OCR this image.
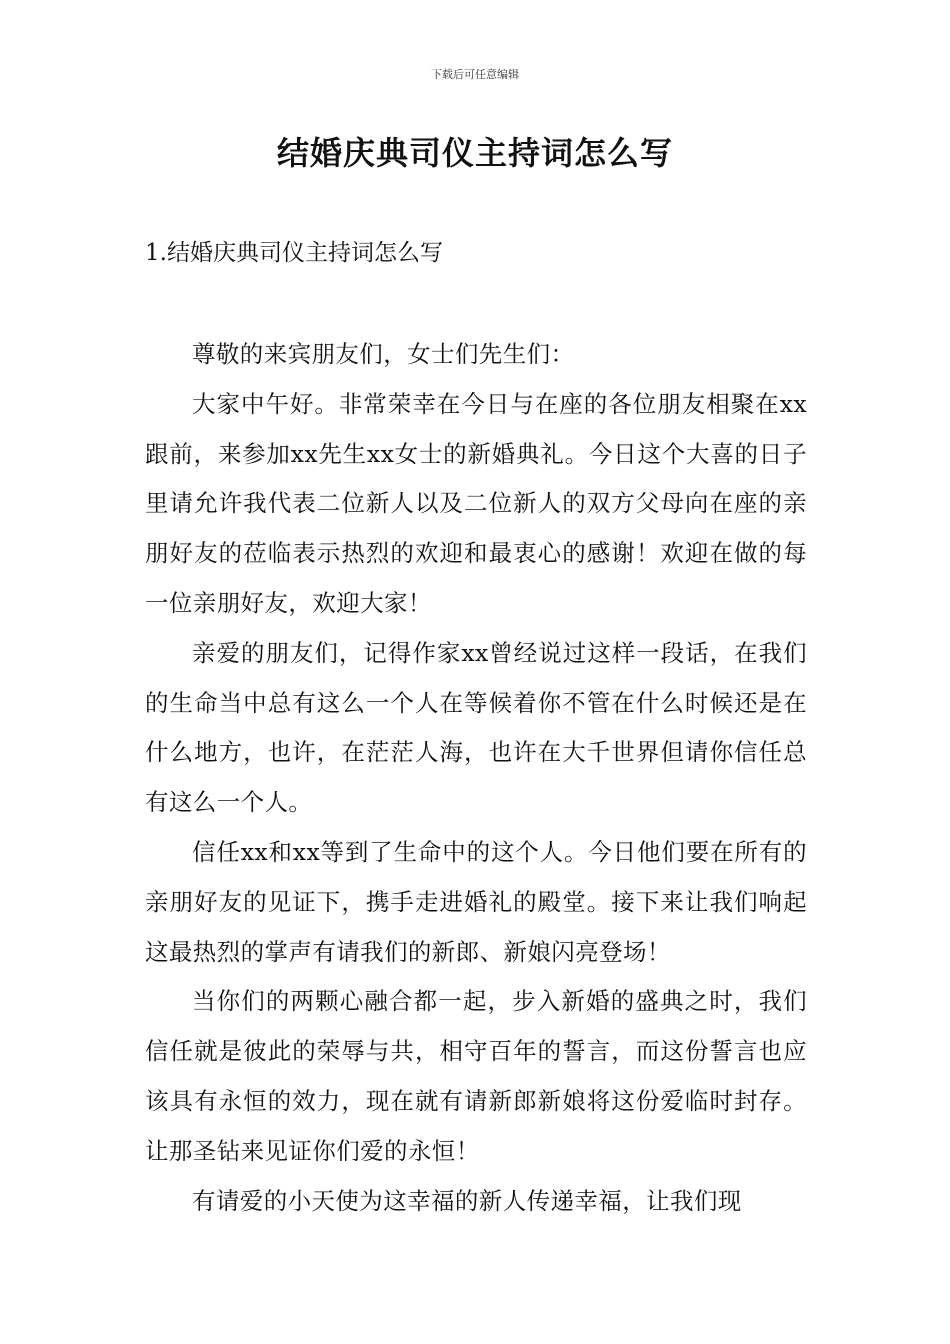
下载后可任意编辑
结婚庆典司仪主持词怎么写
1.结婚庆典司仪主持词怎么写

尊敬的来宾朋友们，女士们先生们：

大家中午好。非常荣幸在今日与在座的各位朋友相聚在xx跟前，来参加xx先生xx女士的新婚典礼。今日这个大喜的日子里请允许我代表二位新人以及二位新人的双方父母向在座的亲朋好友的莅临表示热烈的欢迎和最衷心的感谢！欢迎在做的每一位亲朋好友，欢迎大家！

亲爱的朋友们，记得作家xx曾经说过这样一段话，在我们的生命当中总有这么一个人在等候着你不管在什么时候还是在什么地方，也许，在茫茫人海，也许在大千世界但请你信任总有这么一个人。

信任xx和xx等到了生命中的这个人。今日他们要在所有的亲朋好友的见证下，携手走进婚礼的殿堂。接下来让我们响起这最热烈的掌声有请我们的新郎、新娘闪亮登场！

当你们的两颗心融合都一起，步入新婚的盛典之时，我们信任就是彼此的荣辱与共，相守百年的誓言，而这份誓言也应该具有永恒的效力，现在就有请新郎新娘将这份爱临时封存。让那圣钻来见证你们爱的永恒！

有请爱的小天使为这幸福的新人传递幸福，让我们现
